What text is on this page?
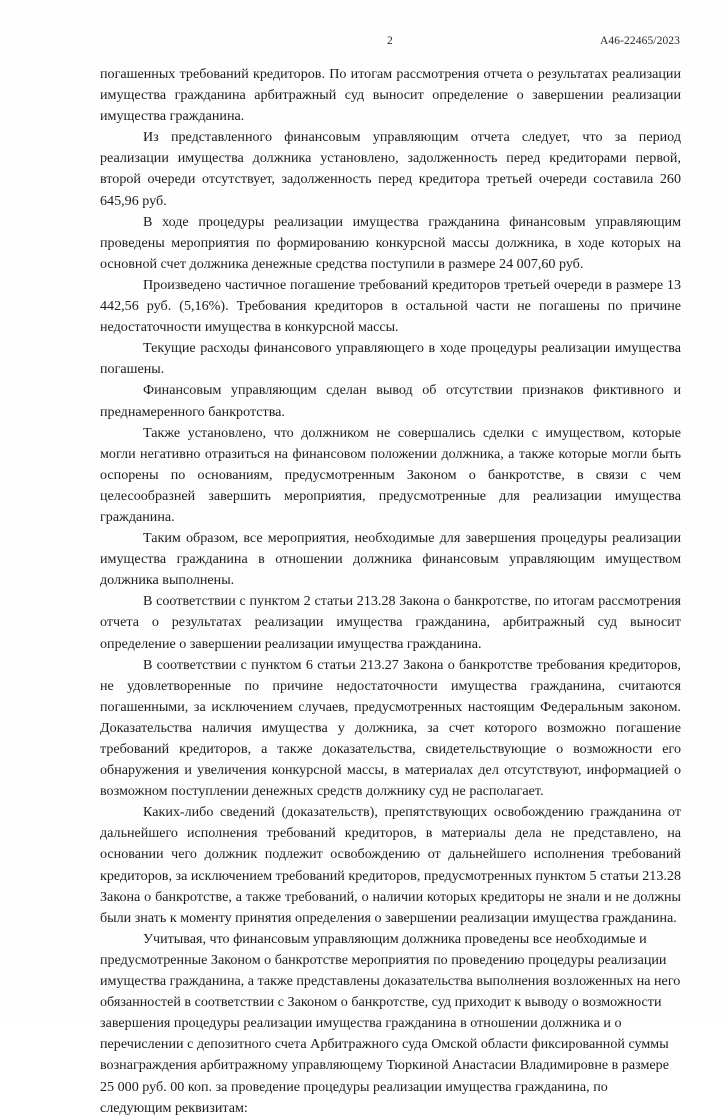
2	А46-22465/2023

погашенных требований кредиторов. По итогам рассмотрения отчета о результатах реализации имущества гражданина арбитражный суд выносит определение о завершении реализации имущества гражданина.

Из представленного финансовым управляющим отчета следует, что за период реализации имущества должника установлено, задолженность перед кредиторами первой, второй очереди отсутствует, задолженность перед кредитора третьей очереди составила 260 645,96 руб.

В ходе процедуры реализации имущества гражданина финансовым управляющим проведены мероприятия по формированию конкурсной массы должника, в ходе которых на основной счет должника денежные средства поступили в размере 24 007,60 руб.

Произведено частичное погашение требований кредиторов третьей очереди в размере 13 442,56 руб. (5,16%). Требования кредиторов в остальной части не погашены по причине недостаточности имущества в конкурсной массы.

Текущие расходы финансового управляющего в ходе процедуры реализации имущества погашены.

Финансовым управляющим сделан вывод об отсутствии признаков фиктивного и преднамеренного банкротства.

Также установлено, что должником не совершались сделки с имуществом, которые могли негативно отразиться на финансовом положении должника, а также которые могли быть оспорены по основаниям, предусмотренным Законом о банкротстве, в связи с чем целесообразней завершить мероприятия, предусмотренные для реализации имущества гражданина.

Таким образом, все мероприятия, необходимые для завершения процедуры реализации имущества гражданина в отношении должника финансовым управляющим имуществом должника выполнены.

В соответствии с пунктом 2 статьи 213.28 Закона о банкротстве, по итогам рассмотрения отчета о результатах реализации имущества гражданина, арбитражный суд выносит определение о завершении реализации имущества гражданина.

В соответствии с пунктом 6 статьи 213.27 Закона о банкротстве требования кредиторов, не удовлетворенные по причине недостаточности имущества гражданина, считаются погашенными, за исключением случаев, предусмотренных настоящим Федеральным законом. Доказательства наличия имущества у должника, за счет которого возможно погашение требований кредиторов, а также доказательства, свидетельствующие о возможности его обнаружения и увеличения конкурсной массы, в материалах дел отсутствуют, информацией о возможном поступлении денежных средств должнику суд не располагает.

Каких-либо сведений (доказательств), препятствующих освобождению гражданина от дальнейшего исполнения требований кредиторов, в материалы дела не представлено, на основании чего должник подлежит освобождению от дальнейшего исполнения требований кредиторов, за исключением требований кредиторов, предусмотренных пунктом 5 статьи 213.28 Закона о банкротстве, а также требований, о наличии которых кредиторы не знали и не должны были знать к моменту принятия определения о завершении реализации имущества гражданина.

Учитывая, что финансовым управляющим должника проведены все необходимые и предусмотренные Законом о банкротстве мероприятия по проведению процедуры реализации имущества гражданина, а также представлены доказательства выполнения возложенных на него обязанностей в соответствии с Законом о банкротстве, суд приходит к выводу о возможности завершения процедуры реализации имущества гражданина в отношении должника и о перечислении с депозитного счета Арбитражного суда Омской области фиксированной суммы вознаграждения арбитражному управляющему Тюркиной Анастасии Владимировне в размере 25 000 руб. 00 коп. за проведение процедуры реализации имущества гражданина, по следующим реквизитам:
